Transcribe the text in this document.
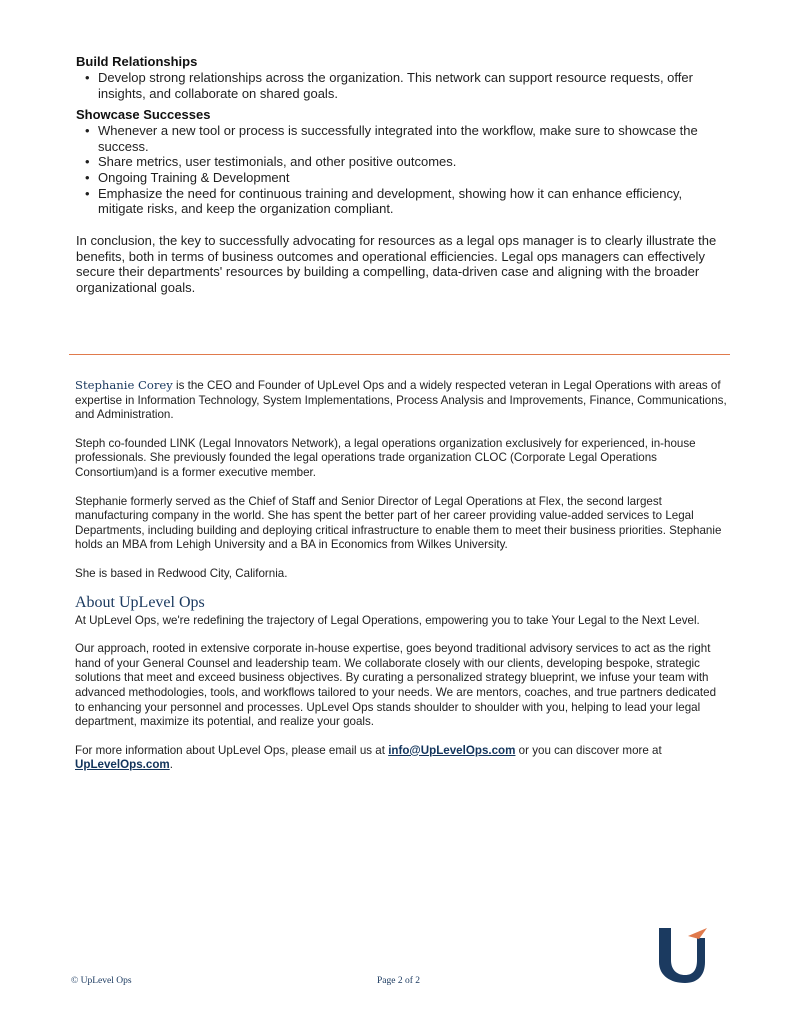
Build Relationships
• Develop strong relationships across the organization. This network can support resource requests, offer insights, and collaborate on shared goals.
Showcase Successes
• Whenever a new tool or process is successfully integrated into the workflow, make sure to showcase the success.
• Share metrics, user testimonials, and other positive outcomes.
• Ongoing Training & Development
• Emphasize the need for continuous training and development, showing how it can enhance efficiency, mitigate risks, and keep the organization compliant.

In conclusion, the key to successfully advocating for resources as a legal ops manager is to clearly illustrate the benefits, both in terms of business outcomes and operational efficiencies. Legal ops managers can effectively secure their departments' resources by building a compelling, data-driven case and aligning with the broader organizational goals.

Stephanie Corey is the CEO and Founder of UpLevel Ops and a widely respected veteran in Legal Operations with areas of expertise in Information Technology, System Implementations, Process Analysis and Improvements, Finance, Communications, and Administration.

Steph co-founded LINK (Legal Innovators Network), a legal operations organization exclusively for experienced, in-house professionals. She previously founded the legal operations trade organization CLOC (Corporate Legal Operations Consortium)and is a former executive member.

Stephanie formerly served as the Chief of Staff and Senior Director of Legal Operations at Flex, the second largest manufacturing company in the world. She has spent the better part of her career providing value-added services to Legal Departments, including building and deploying critical infrastructure to enable them to meet their business priorities. Stephanie holds an MBA from Lehigh University and a BA in Economics from Wilkes University.

She is based in Redwood City, California.

About UpLevel Ops

At UpLevel Ops, we're redefining the trajectory of Legal Operations, empowering you to take Your Legal to the Next Level.

Our approach, rooted in extensive corporate in-house expertise, goes beyond traditional advisory services to act as the right hand of your General Counsel and leadership team. We collaborate closely with our clients, developing bespoke, strategic solutions that meet and exceed business objectives. By curating a personalized strategy blueprint, we infuse your team with advanced methodologies, tools, and workflows tailored to your needs. We are mentors, coaches, and true partners dedicated to enhancing your personnel and processes. UpLevel Ops stands shoulder to shoulder with you, helping to lead your legal department, maximize its potential, and realize your goals.

For more information about UpLevel Ops, please email us at info@UpLevelOps.com or you can discover more at UpLevelOps.com.

© UpLevel Ops	Page 2 of 2
